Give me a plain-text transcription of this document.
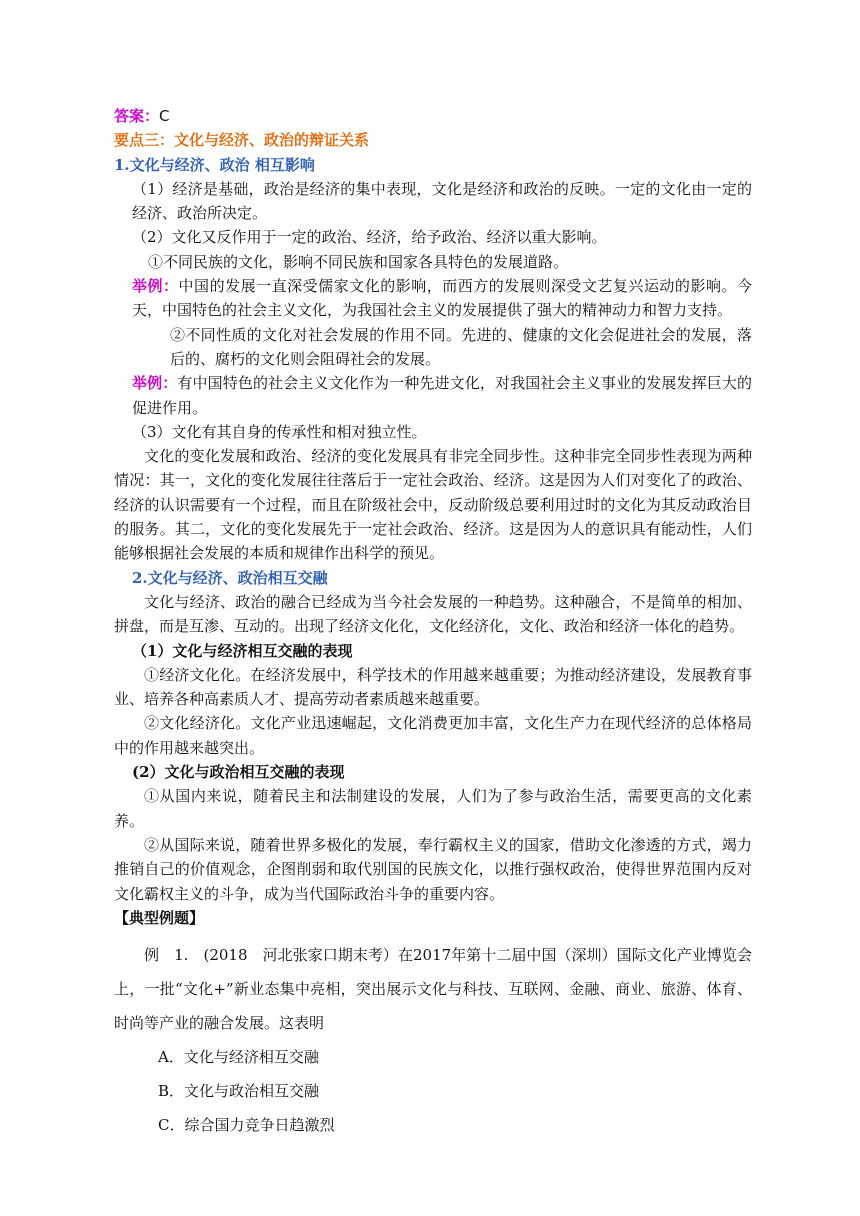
答案：C

要点三：文化与经济、政治的辩证关系

1.文化与经济、政治 相互影响

（1）经济是基础，政治是经济的集中表现，文化是经济和政治的反映。一定的文化由一定的经济、政治所决定。

（2）文化又反作用于一定的政治、经济，给予政治、经济以重大影响。

①不同民族的文化，影响不同民族和国家各具特色的发展道路。

举例：中国的发展一直深受儒家文化的影响，而西方的发展则深受文艺复兴运动的影响。今天，中国特色的社会主义文化，为我国社会主义的发展提供了强大的精神动力和智力支持。

②不同性质的文化对社会发展的作用不同。先进的、健康的文化会促进社会的发展，落后的、腐朽的文化则会阻碍社会的发展。

举例：有中国特色的社会主义文化作为一种先进文化，对我国社会主义事业的发展发挥巨大的促进作用。

（3）文化有其自身的传承性和相对独立性。

文化的变化发展和政治、经济的变化发展具有非完全同步性。这种非完全同步性表现为两种情况：其一，文化的变化发展往往落后于一定社会政治、经济。这是因为人们对变化了的政治、经济的认识需要有一个过程，而且在阶级社会中，反动阶级总要利用过时的文化为其反动政治目的服务。其二，文化的变化发展先于一定社会政治、经济。这是因为人的意识具有能动性，人们能够根据社会发展的本质和规律作出科学的预见。

2.文化与经济、政治相互交融

文化与经济、政治的融合已经成为当今社会发展的一种趋势。这种融合，不是简单的相加、拼盘，而是互渗、互动的。出现了经济文化化，文化经济化，文化、政治和经济一体化的趋势。

（1）文化与经济相互交融的表现

①经济文化化。在经济发展中，科学技术的作用越来越重要；为推动经济建设，发展教育事业、培养各种高素质人才、提高劳动者素质越来越重要。

②文化经济化。文化产业迅速崛起，文化消费更加丰富，文化生产力在现代经济的总体格局中的作用越来越突出。

(2）文化与政治相互交融的表现

①从国内来说，随着民主和法制建设的发展，人们为了参与政治生活，需要更高的文化素养。

②从国际来说，随着世界多极化的发展，奉行霸权主义的国家，借助文化渗透的方式，竭力推销自己的价值观念，企图削弱和取代别国的民族文化，以推行强权政治，使得世界范围内反对文化霸权主义的斗争，成为当代国际政治斗争的重要内容。

【典型例题】

例　1.　(2018　河北张家口期末考）在2017年第十二届中国（深圳）国际文化产业博览会上，一批“文化+”新业态集中亮相，突出展示文化与科技、互联网、金融、商业、旅游、体育、时尚等产业的融合发展。这表明

A．文化与经济相互交融

B．文化与政治相互交融

C．综合国力竞争日趋激烈
